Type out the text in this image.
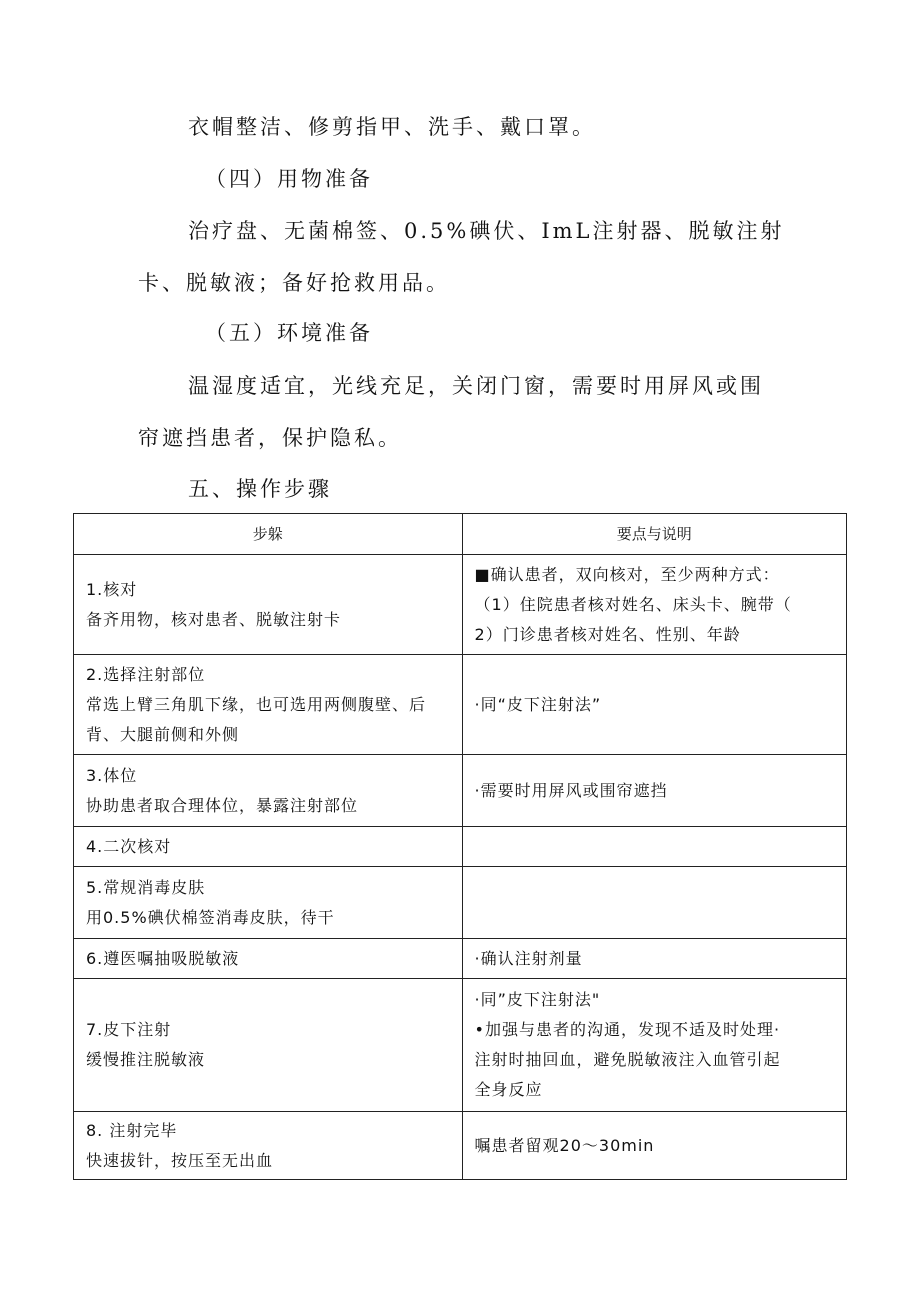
衣帽整洁、修剪指甲、洗手、戴口罩。
（四）用物准备
治疗盘、无菌棉签、0.5%碘伏、ImL注射器、脱敏注射
卡、脱敏液；备好抢救用品。
（五）环境准备
温湿度适宜，光线充足，关闭门窗，需要时用屏风或围
帘遮挡患者，保护隐私。
五、操作步骤
步躲	要点与说明

1.核对
备齐用物，核对患者、脱敏注射卡	■确认患者，双向核对，至少两种方式：
（1）住院患者核对姓名、床头卡、腕带（
2）门诊患者核对姓名、性别、年龄

2.选择注射部位
常选上臂三角肌下缘，也可选用两侧腹壁、后
背、大腿前侧和外侧	·同“皮下注射法”

3.体位
协助患者取合理体位，暴露注射部位	·需要时用屏风或围帘遮挡

4.二次核对	

5.常规消毒皮肤
用0.5%碘伏棉签消毒皮肤，待干	

6.遵医嘱抽吸脱敏液	·确认注射剂量

7.皮下注射
缓慢推注脱敏液	·同”皮下注射法"
•加强与患者的沟通，发现不适及时处理·
注射时抽回血，避免脱敏液注入血管引起
全身反应

8. 注射完毕
快速拔针，按压至无出血	嘱患者留观20～30min
